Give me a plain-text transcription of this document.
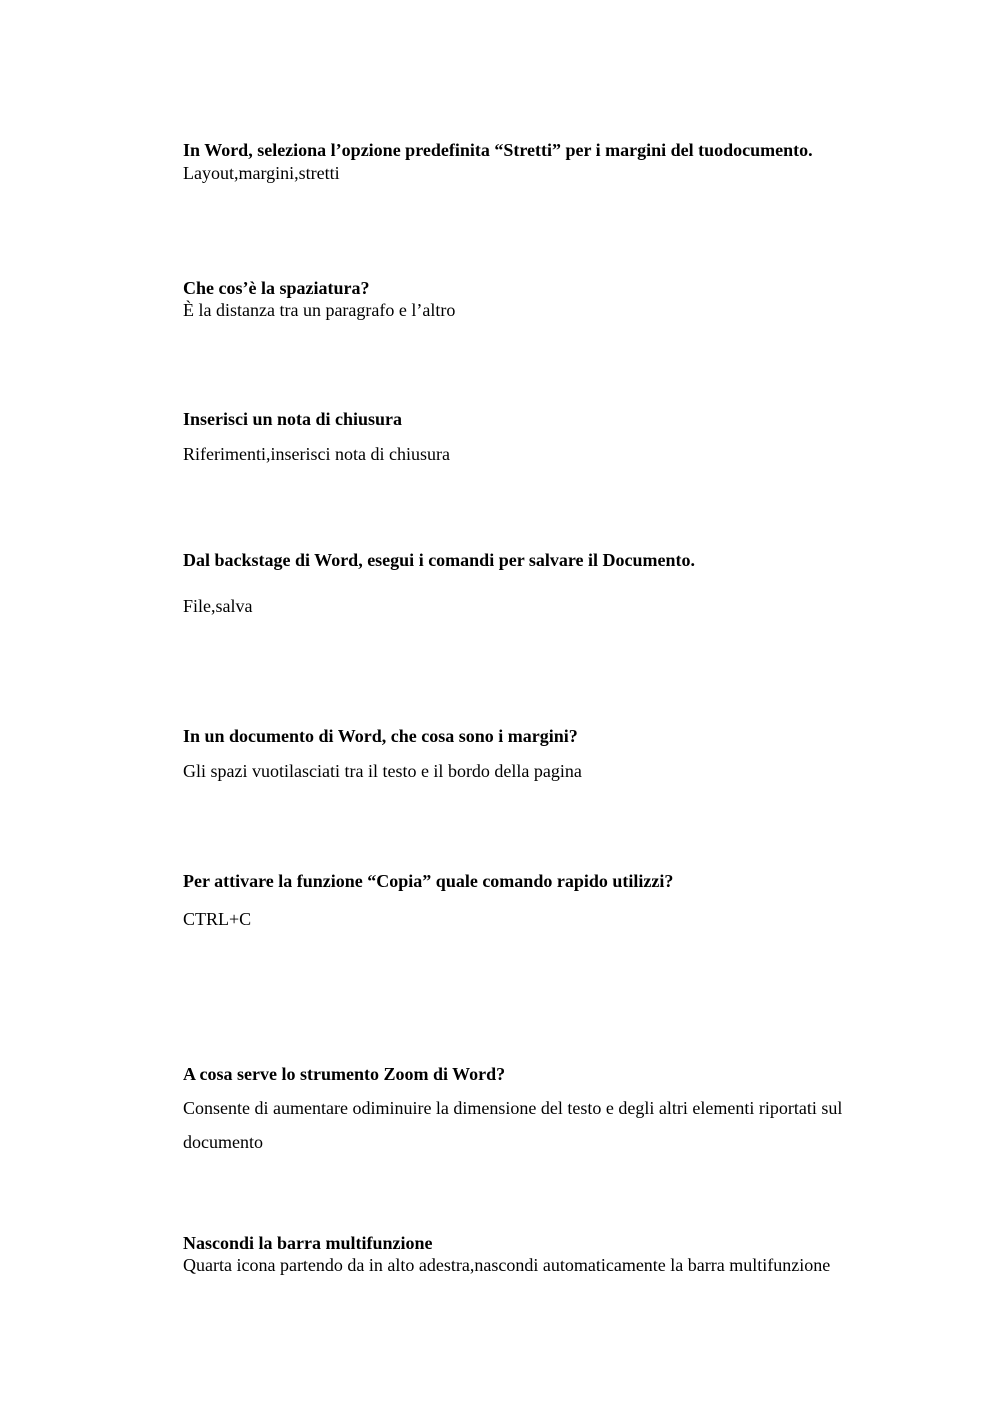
In Word, seleziona l’opzione predefinita “Stretti” per i margini del tuodocumento.

Layout,margini,stretti

Che cos’è la spaziatura?

È la distanza tra un paragrafo e l’altro

Inserisci un nota di chiusura

Riferimenti,inserisci nota di chiusura

Dal backstage di Word, esegui i comandi per salvare il Documento.

File,salva

In un documento di Word, che cosa sono i margini?

Gli spazi vuotilasciati tra il testo e il bordo della pagina

Per attivare la funzione “Copia” quale comando rapido utilizzi?

CTRL+C

A cosa serve lo strumento Zoom di Word?

Consente di aumentare odiminuire la dimensione del testo e degli altri elementi riportati sul documento

Nascondi la barra multifunzione

Quarta icona partendo da in alto adestra,nascondi automaticamente la barra multifunzione
